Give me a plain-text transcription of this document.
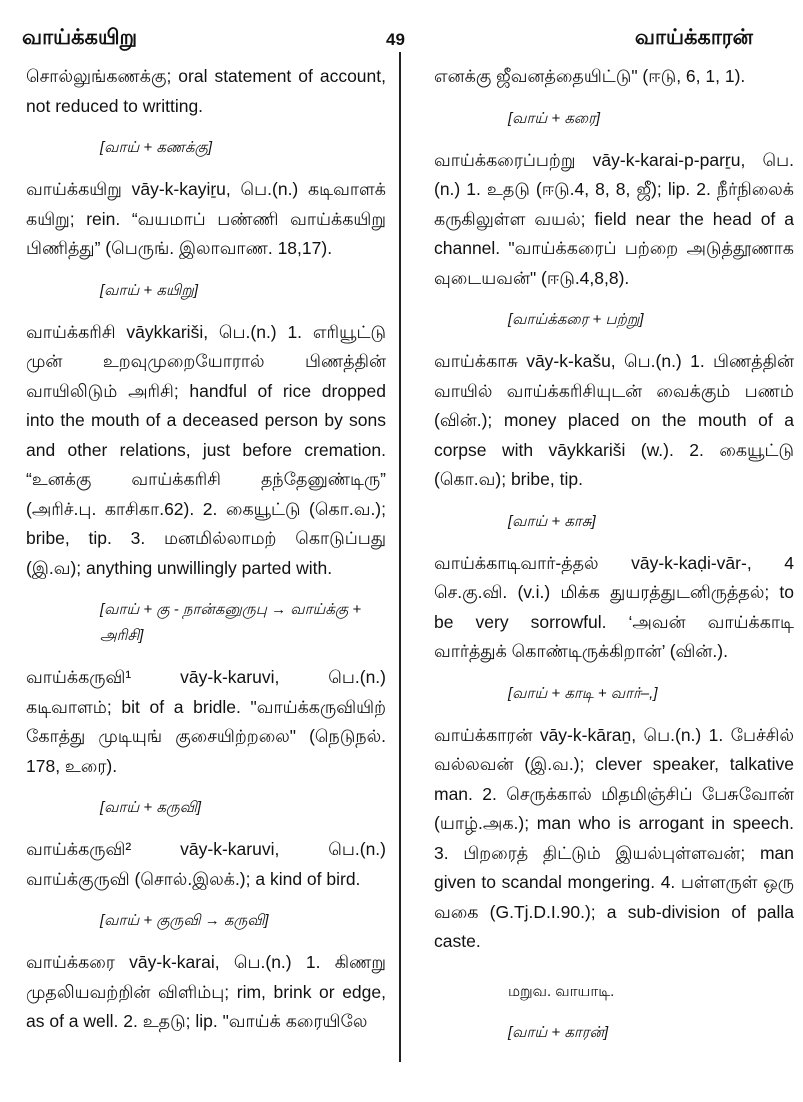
வாய்க்கயிறு	49	வாய்க்காரன்

சொல்லுங்கணக்கு; oral statement of account, not reduced to writting.

[வாய் + கணக்கு]

வாய்க்கயிறு vāy-k-kayiṟu, பெ.(n.) கடிவாளக் கயிறு; rein. “வயமாப் பண்ணி வாய்க்கயிறு பிணித்து” (பெருங். இலாவாண. 18,17).

[வாய் + கயிறு]

வாய்க்கரிசி vāykkariši, பெ.(n.) 1. எரியூட்டு முன் உறவுமுறையோரால் பிணத்தின் வாயிலிடும் அரிசி; handful of rice dropped into the mouth of a deceased person by sons and other relations, just before cremation. “உனக்கு வாய்க்கரிசி தந்தேனுண்டிரு” (அரிச்.பு. காசிகா.62). 2. கையூட்டு (கொ.வ.); bribe, tip. 3. மனமில்லாமற் கொடுப்பது (இ.வ); anything unwillingly parted with.

[வாய் + கு - நான்கனுருபு → வாய்க்கு + அரிசி]

வாய்க்கருவி¹ vāy-k-karuvi, பெ.(n.) கடிவாளம்; bit of a bridle. "வாய்க்கருவியிற் கோத்து முடியுங் குசையிற்றலை" (நெடுநல். 178, உரை).

[வாய் + கருவி]

வாய்க்கருவி² vāy-k-karuvi, பெ.(n.) வாய்க்குருவி (சொல்.இலக்.); a kind of bird.

[வாய் + குருவி → கருவி]

வாய்க்கரை vāy-k-karai, பெ.(n.) 1. கிணறு முதலியவற்றின் விளிம்பு; rim, brink or edge, as of a well. 2. உதடு; lip. "வாய்க் கரையிலே

எனக்கு ஜீவனத்தையிட்டு" (ஈடு, 6, 1, 1).

[வாய் + கரை]

வாய்க்கரைப்பற்று vāy-k-karai-p-parṟu, பெ.(n.) 1. உதடு (ஈடு.4, 8, 8, ஜீ); lip. 2. நீர்நிலைக் கருகிலுள்ள வயல்; field near the head of a channel. "வாய்க்கரைப் பற்றை அடுத்தூணாக வுடையவன்" (ஈடு.4,8,8).

[வாய்க்கரை + பற்று]

வாய்க்காசு vāy-k-kašu, பெ.(n.) 1. பிணத்தின் வாயில் வாய்க்கரிசியுடன் வைக்கும் பணம் (வின்.); money placed on the mouth of a corpse with vāykkariši (w.). 2. கையூட்டு (கொ.வ); bribe, tip.

[வாய் + காசு]

வாய்க்காடிவார்-த்தல் vāy-k-kaḍi-vār-, 4 செ.கு.வி. (v.i.) மிக்க துயரத்துடனிருத்தல்; to be very sorrowful. ‘அவன் வாய்க்காடி வார்த்துக் கொண்டிருக்கிறான்’ (வின்.).

[வாய் + காடி + வார்–,]

வாய்க்காரன் vāy-k-kāraṉ, பெ.(n.) 1. பேச்சில் வல்லவன் (இ.வ.); clever speaker, talkative man. 2. செருக்கால் மிதமிஞ்சிப் பேசுவோன் (யாழ்.அக.); man who is arrogant in speech. 3. பிறரைத் திட்டும் இயல்புள்ளவன்; man given to scandal mongering. 4. பள்ளருள் ஒரு வகை (G.Tj.D.I.90.); a sub-division of palla caste.

மறுவ. வாயாடி.
[வாய் + காரன்]
